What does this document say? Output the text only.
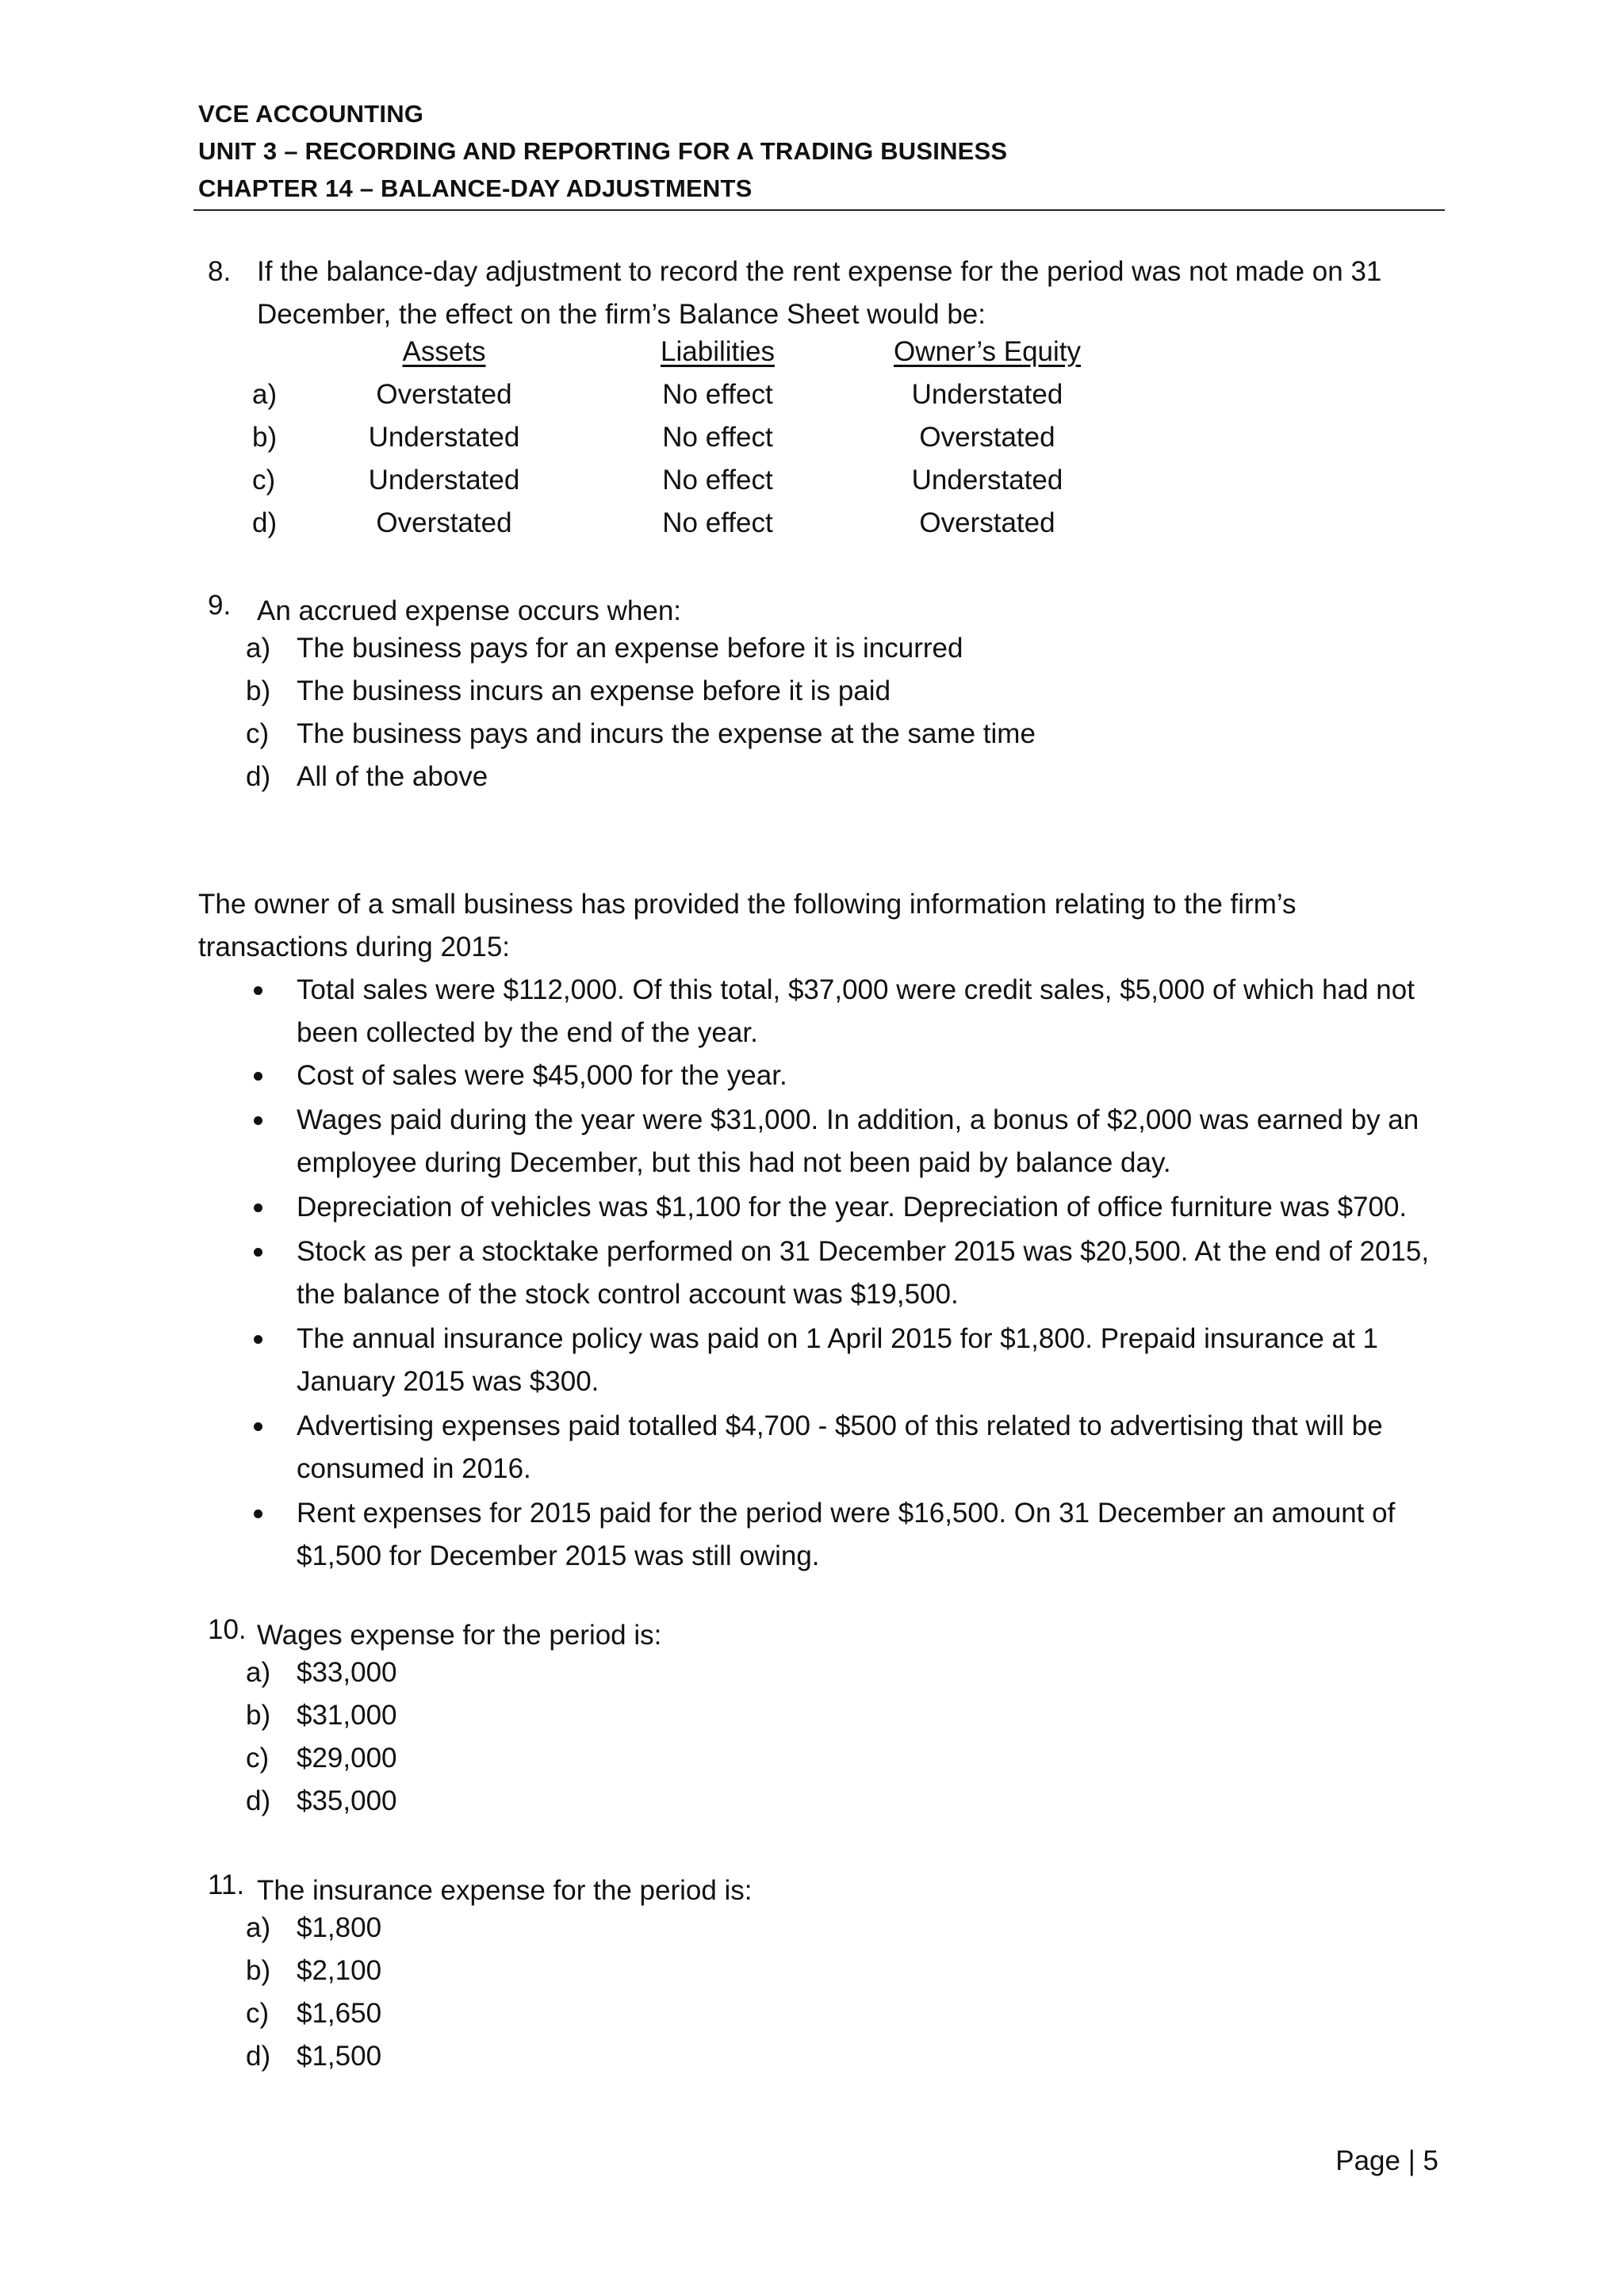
VCE ACCOUNTING
UNIT 3 – RECORDING AND REPORTING FOR A TRADING BUSINESS
CHAPTER 14 – BALANCE-DAY ADJUSTMENTS
8. If the balance-day adjustment to record the rent expense for the period was not made on 31 December, the effect on the firm’s Balance Sheet would be:
Assets	Liabilities	Owner’s Equity
a)	Overstated	No effect	Understated
b)	Understated	No effect	Overstated
c)	Understated	No effect	Understated
d)	Overstated	No effect	Overstated
9. An accrued expense occurs when:
a) The business pays for an expense before it is incurred
b) The business incurs an expense before it is paid
c) The business pays and incurs the expense at the same time
d) All of the above
The owner of a small business has provided the following information relating to the firm’s transactions during 2015:
Total sales were $112,000. Of this total, $37,000 were credit sales, $5,000 of which had not been collected by the end of the year.
Cost of sales were $45,000 for the year.
Wages paid during the year were $31,000. In addition, a bonus of $2,000 was earned by an employee during December, but this had not been paid by balance day.
Depreciation of vehicles was $1,100 for the year. Depreciation of office furniture was $700.
Stock as per a stocktake performed on 31 December 2015 was $20,500. At the end of 2015, the balance of the stock control account was $19,500.
The annual insurance policy was paid on 1 April 2015 for $1,800. Prepaid insurance at 1 January 2015 was $300.
Advertising expenses paid totalled $4,700 - $500 of this related to advertising that will be consumed in 2016.
Rent expenses for 2015 paid for the period were $16,500. On 31 December an amount of $1,500 for December 2015 was still owing.
10. Wages expense for the period is:
a) $33,000
b) $31,000
c) $29,000
d) $35,000
11. The insurance expense for the period is:
a) $1,800
b) $2,100
c) $1,650
d) $1,500
Page | 5
